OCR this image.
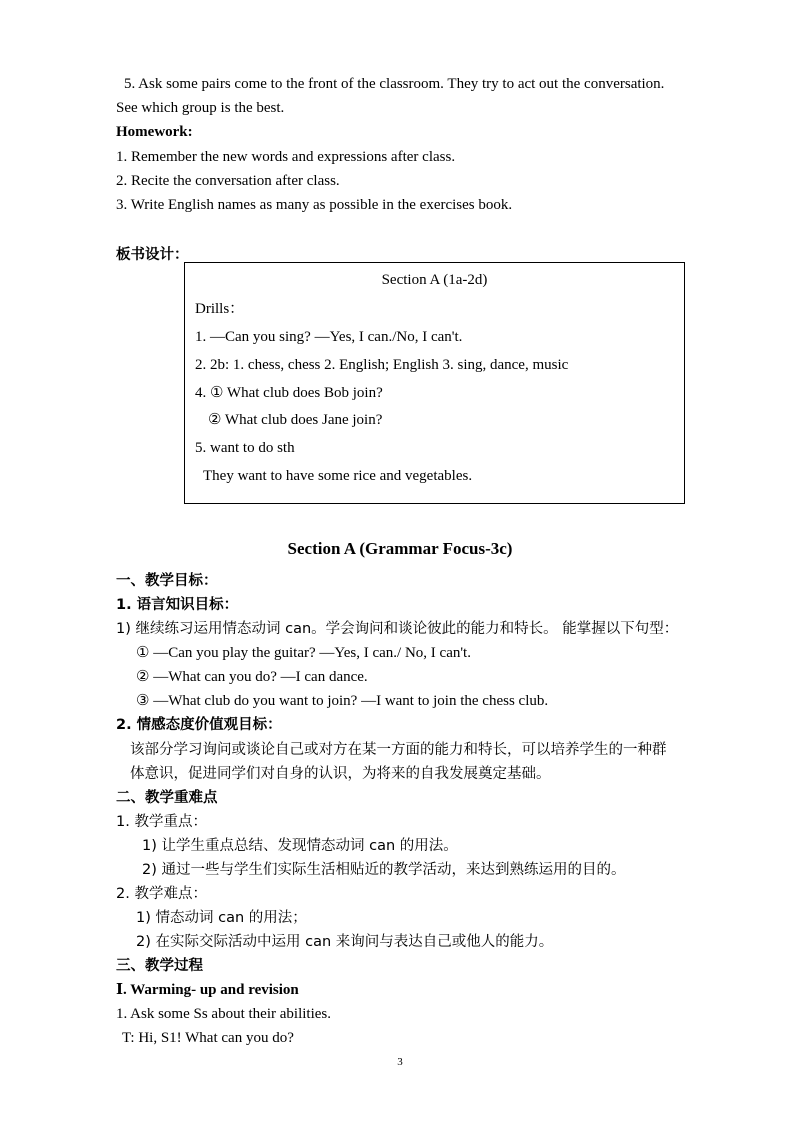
5. Ask some pairs come to the front of the classroom. They try to act out the conversation.
See which group is the best.
Homework:
1. Remember the new words and expressions after class.
2. Recite the conversation after class.
3. Write English names as many as possible in the exercises book.
板书设计：
Section A (1a-2d)
Drills：
1. —Can you sing? —Yes, I can./No, I can't.
2. 2b: 1. chess, chess 2. English; English 3. sing, dance, music
4. ① What club does Bob join?
② What club does Jane join?
5. want to do sth
They want to have some rice and vegetables.
Section A (Grammar Focus-3c)
一、教学目标：
1. 语言知识目标：
1) 继续练习运用情态动词 can。学会询问和谈论彼此的能力和特长。 能掌握以下句型：
① —Can you play the guitar? —Yes, I can./ No, I can't.
② —What can you do? —I can dance.
③ —What club do you want to join? —I want to join the chess club.
2. 情感态度价值观目标：
该部分学习询问或谈论自己或对方在某一方面的能力和特长，可以培养学生的一种群
体意识，促进同学们对自身的认识，为将来的自我发展奠定基础。
二、教学重难点
1. 教学重点：
1) 让学生重点总结、发现情态动词 can 的用法。
2) 通过一些与学生们实际生活相贴近的教学活动，来达到熟练运用的目的。
2. 教学难点：
1) 情态动词 can 的用法；
2) 在实际交际活动中运用 can 来询问与表达自己或他人的能力。
三、教学过程
Ⅰ. Warming- up and revision
1. Ask some Ss about their abilities.
T: Hi, S1! What can you do?
3
